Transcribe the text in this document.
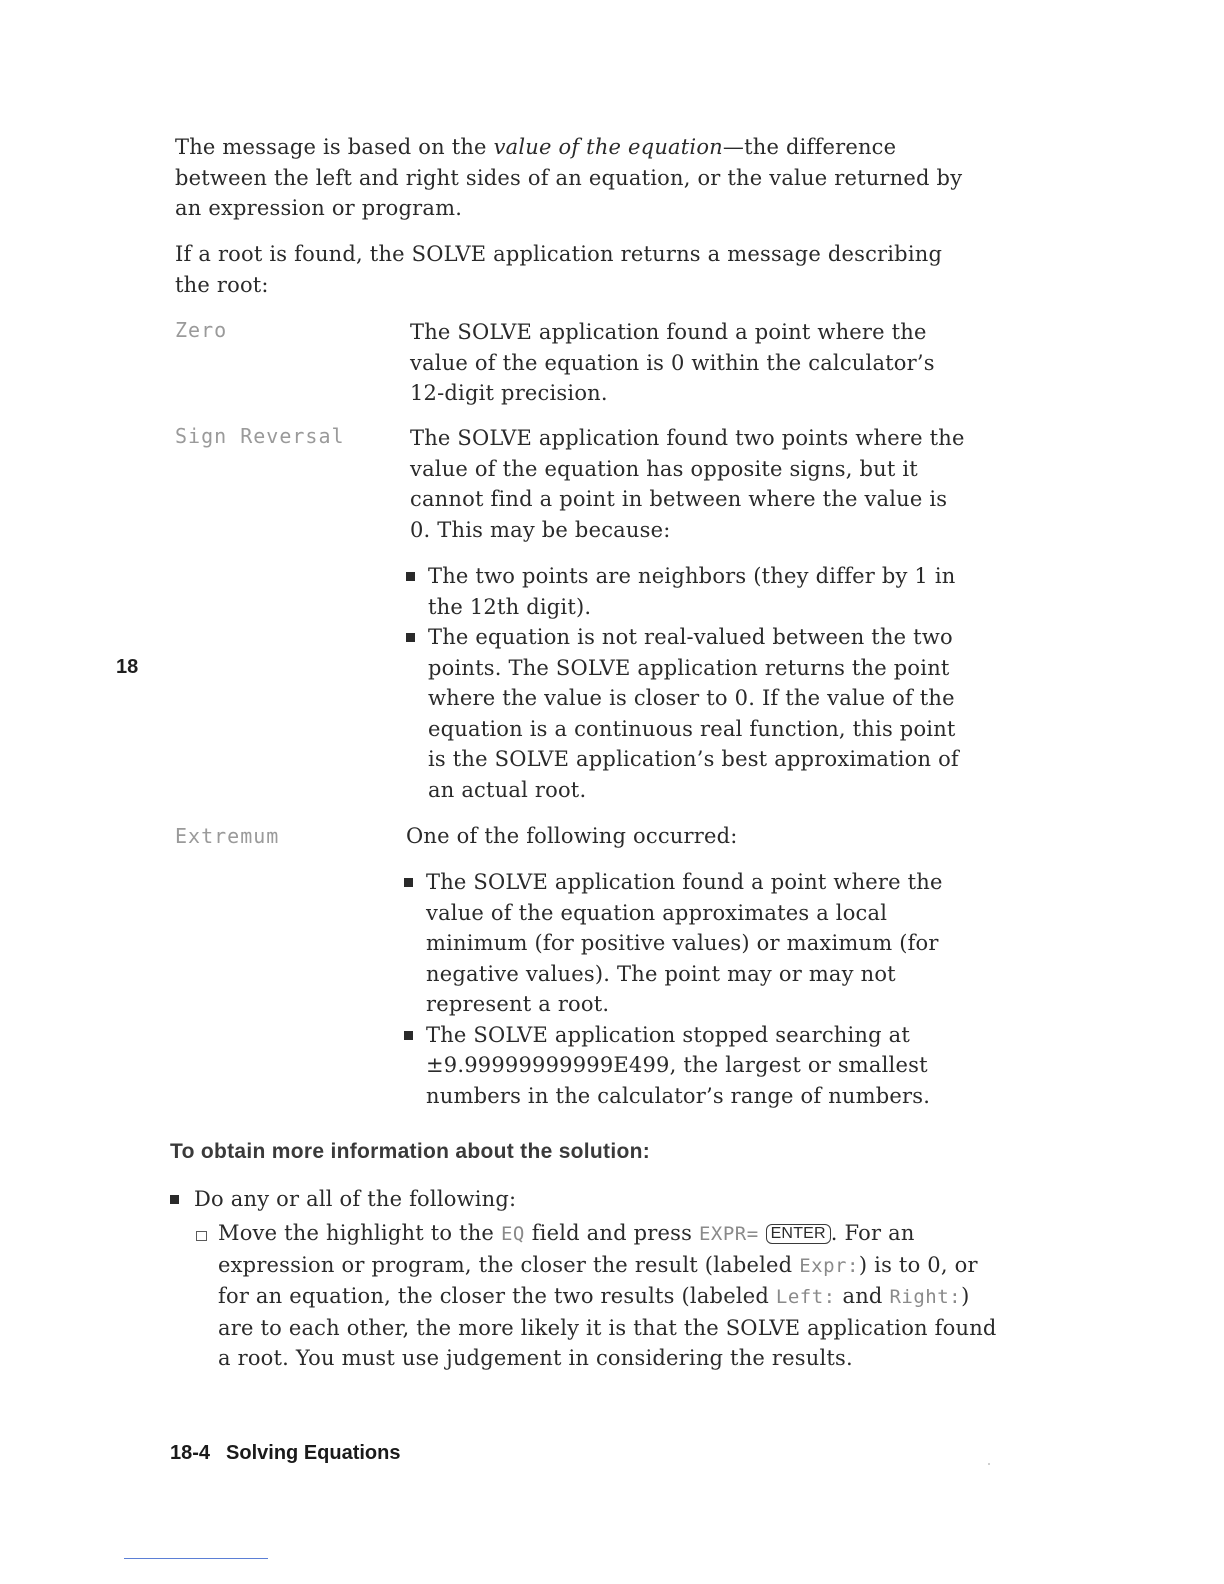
18

The message is based on the value of the equation—the difference between the left and right sides of an equation, or the value returned by an expression or program.

If a root is found, the SOLVE application returns a message describing the root:

Zero	The SOLVE application found a point where the value of the equation is 0 within the calculator’s 12-digit precision.

Sign Reversal	The SOLVE application found two points where the value of the equation has opposite signs, but it cannot find a point in between where the value is 0. This may be because:

The two points are neighbors (they differ by 1 in the 12th digit).
The equation is not real-valued between the two points. The SOLVE application returns the point where the value is closer to 0. If the value of the equation is a continuous real function, this point is the SOLVE application’s best approximation of an actual root.
Extremum	One of the following occurred:

The SOLVE application found a point where the value of the equation approximates a local minimum (for positive values) or maximum (for negative values). The point may or may not represent a root.
The SOLVE application stopped searching at ±9.99999999999E499, the largest or smallest numbers in the calculator’s range of numbers.
To obtain more information about the solution:
Do any or all of the following:
Move the highlight to the EQ field and press EXPR= ENTER . For an expression or program, the closer the result (labeled Expr:) is to 0, or for an equation, the closer the two results (labeled Left: and Right:) are to each other, the more likely it is that the SOLVE application found a root. You must use judgement in considering the results.
18-4 Solving Equations
